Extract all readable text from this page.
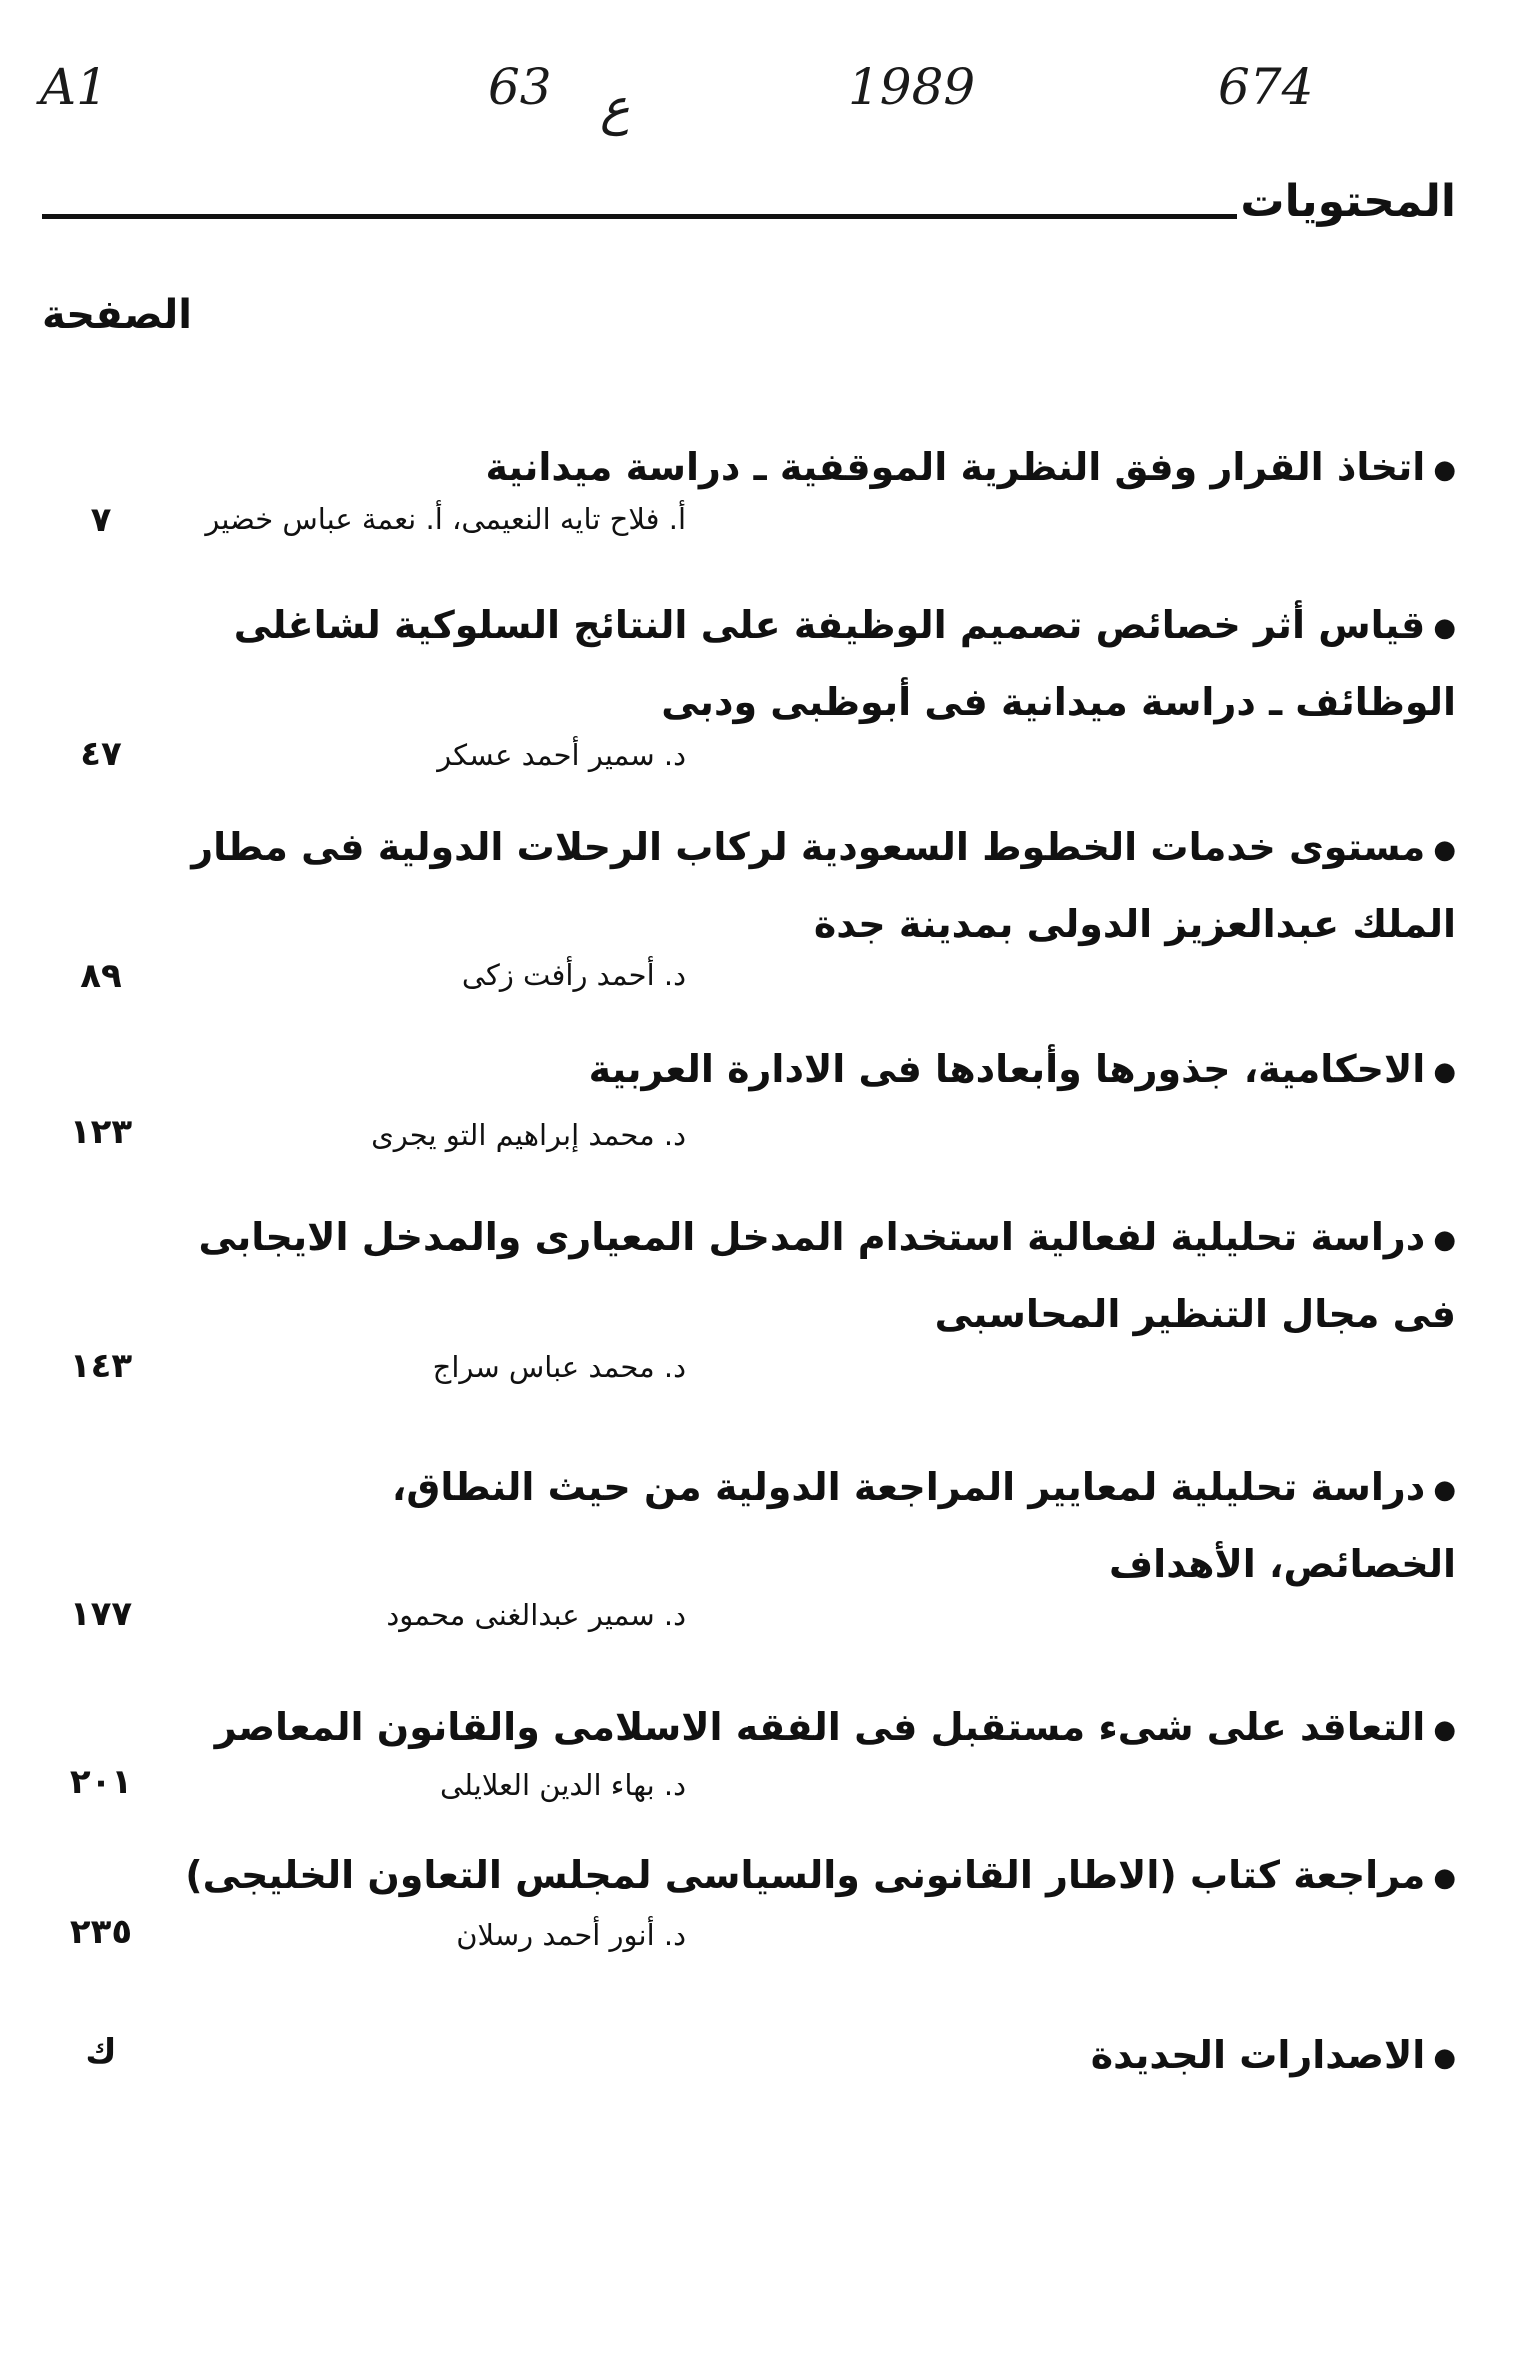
A1	63 ع	1989	674
المحتويات
الصفحة
●اتخاذ القرار وفق النظرية الموقفية ـ دراسة ميدانية
أ. فلاح تايه النعيمى، أ. نعمة عباس خضير
٧
●قياس أثر خصائص تصميم الوظيفة على النتائج السلوكية لشاغلى
الوظائف ـ دراسة ميدانية فى أبوظبى ودبى
د. سمير أحمد عسكر
٤٧
●مستوى خدمات الخطوط السعودية لركاب الرحلات الدولية فى مطار
الملك عبدالعزيز الدولى بمدينة جدة
د. أحمد رأفت زكى
٨٩
●الاحكامية، جذورها وأبعادها فى الادارة العربية
د. محمد إبراهيم التو يجرى
١٢٣
●دراسة تحليلية لفعالية استخدام المدخل المعيارى والمدخل الايجابى
فى مجال التنظير المحاسبى
د. محمد عباس سراج
١٤٣
●دراسة تحليلية لمعايير المراجعة الدولية من حيث النطاق،
الخصائص، الأهداف
د. سمير عبدالغنى محمود
١٧٧
●التعاقد على شىء مستقبل فى الفقه الاسلامى والقانون المعاصر
د. بهاء الدين العلايلى
٢٠١
●مراجعة كتاب (الاطار القانونى والسياسى لمجلس التعاون الخليجى)
د. أنور أحمد رسلان
٢٣٥
●الاصدارات الجديدة
ك
